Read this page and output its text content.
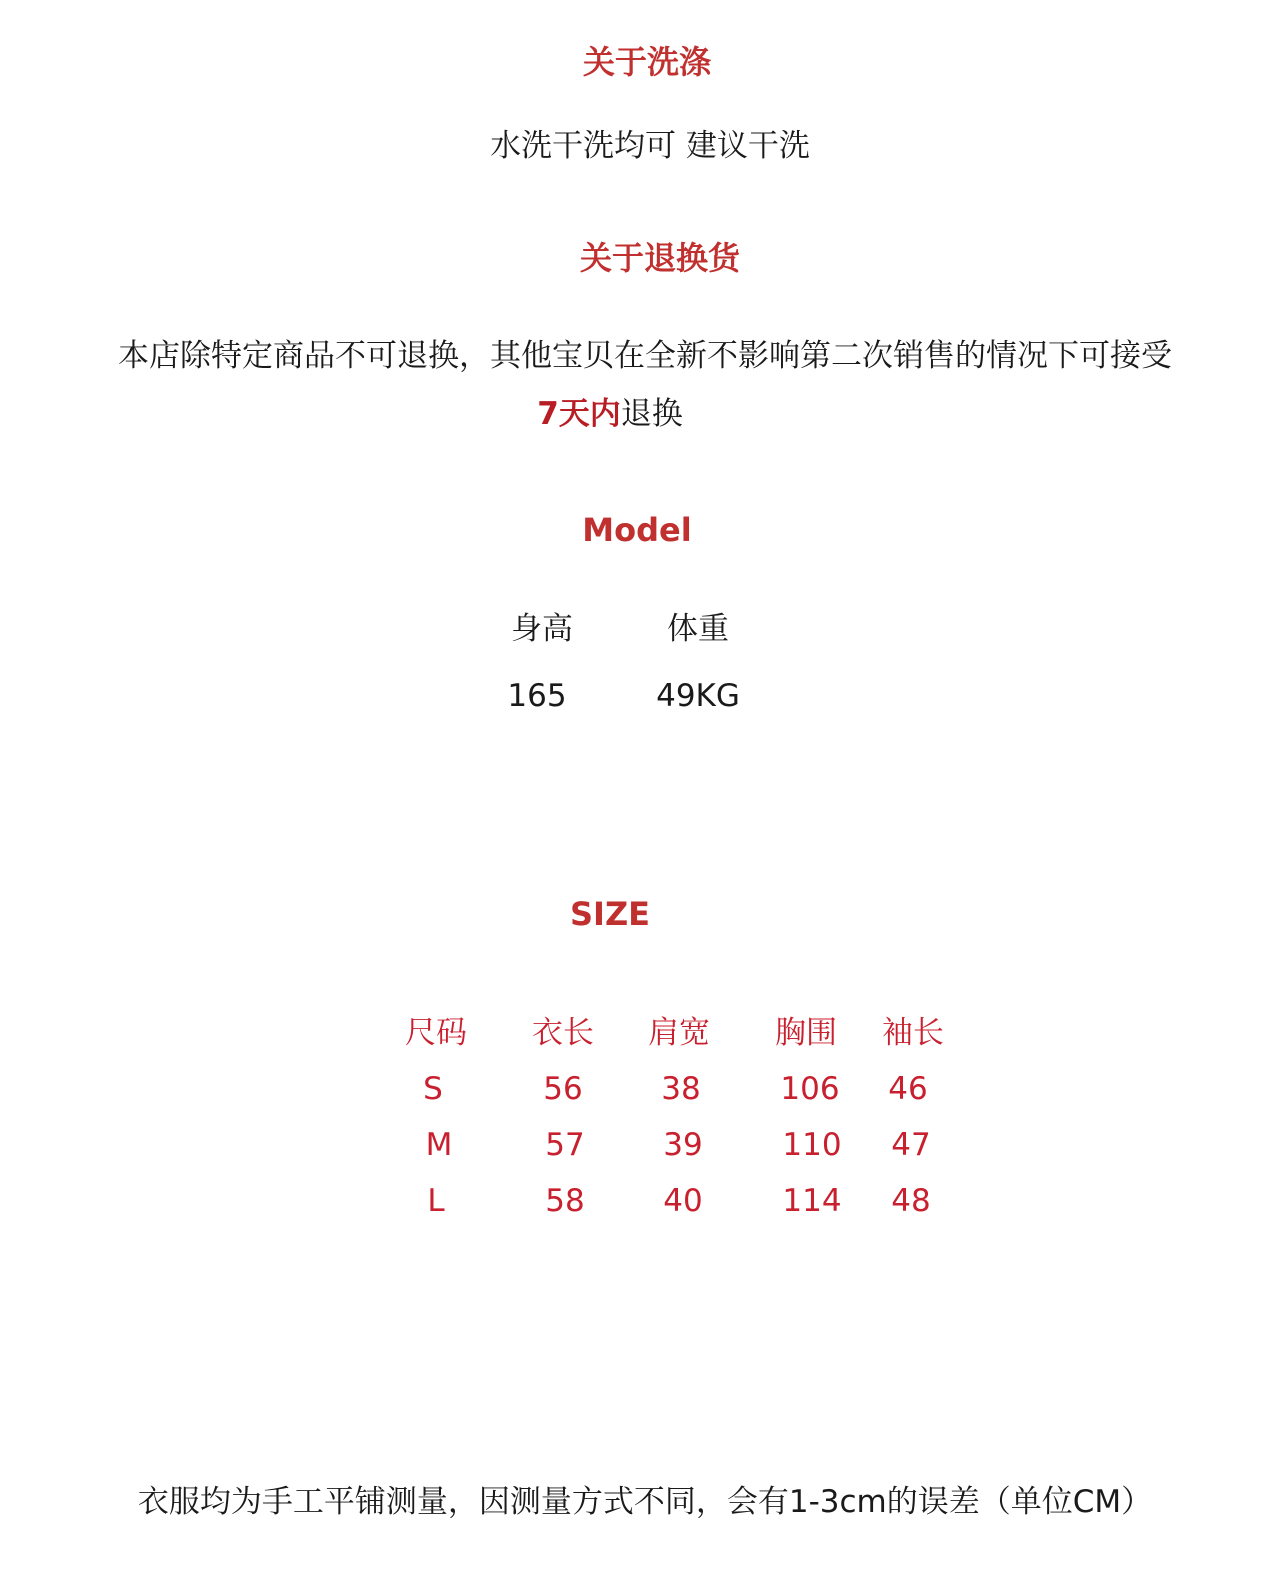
关于洗涤
水洗干洗均可 建议干洗
关于退换货
本店除特定商品不可退换，其他宝贝在全新不影响第二次销售的情况下可接受
7天内退换
Model
身高	体重
165	49KG
SIZE
尺码	衣长	肩宽	胸围	袖长
S	56	38	106	46
M	57	39	110	47
L	58	40	114	48
衣服均为手工平铺测量，因测量方式不同，会有1-3cm的误差（单位CM）
